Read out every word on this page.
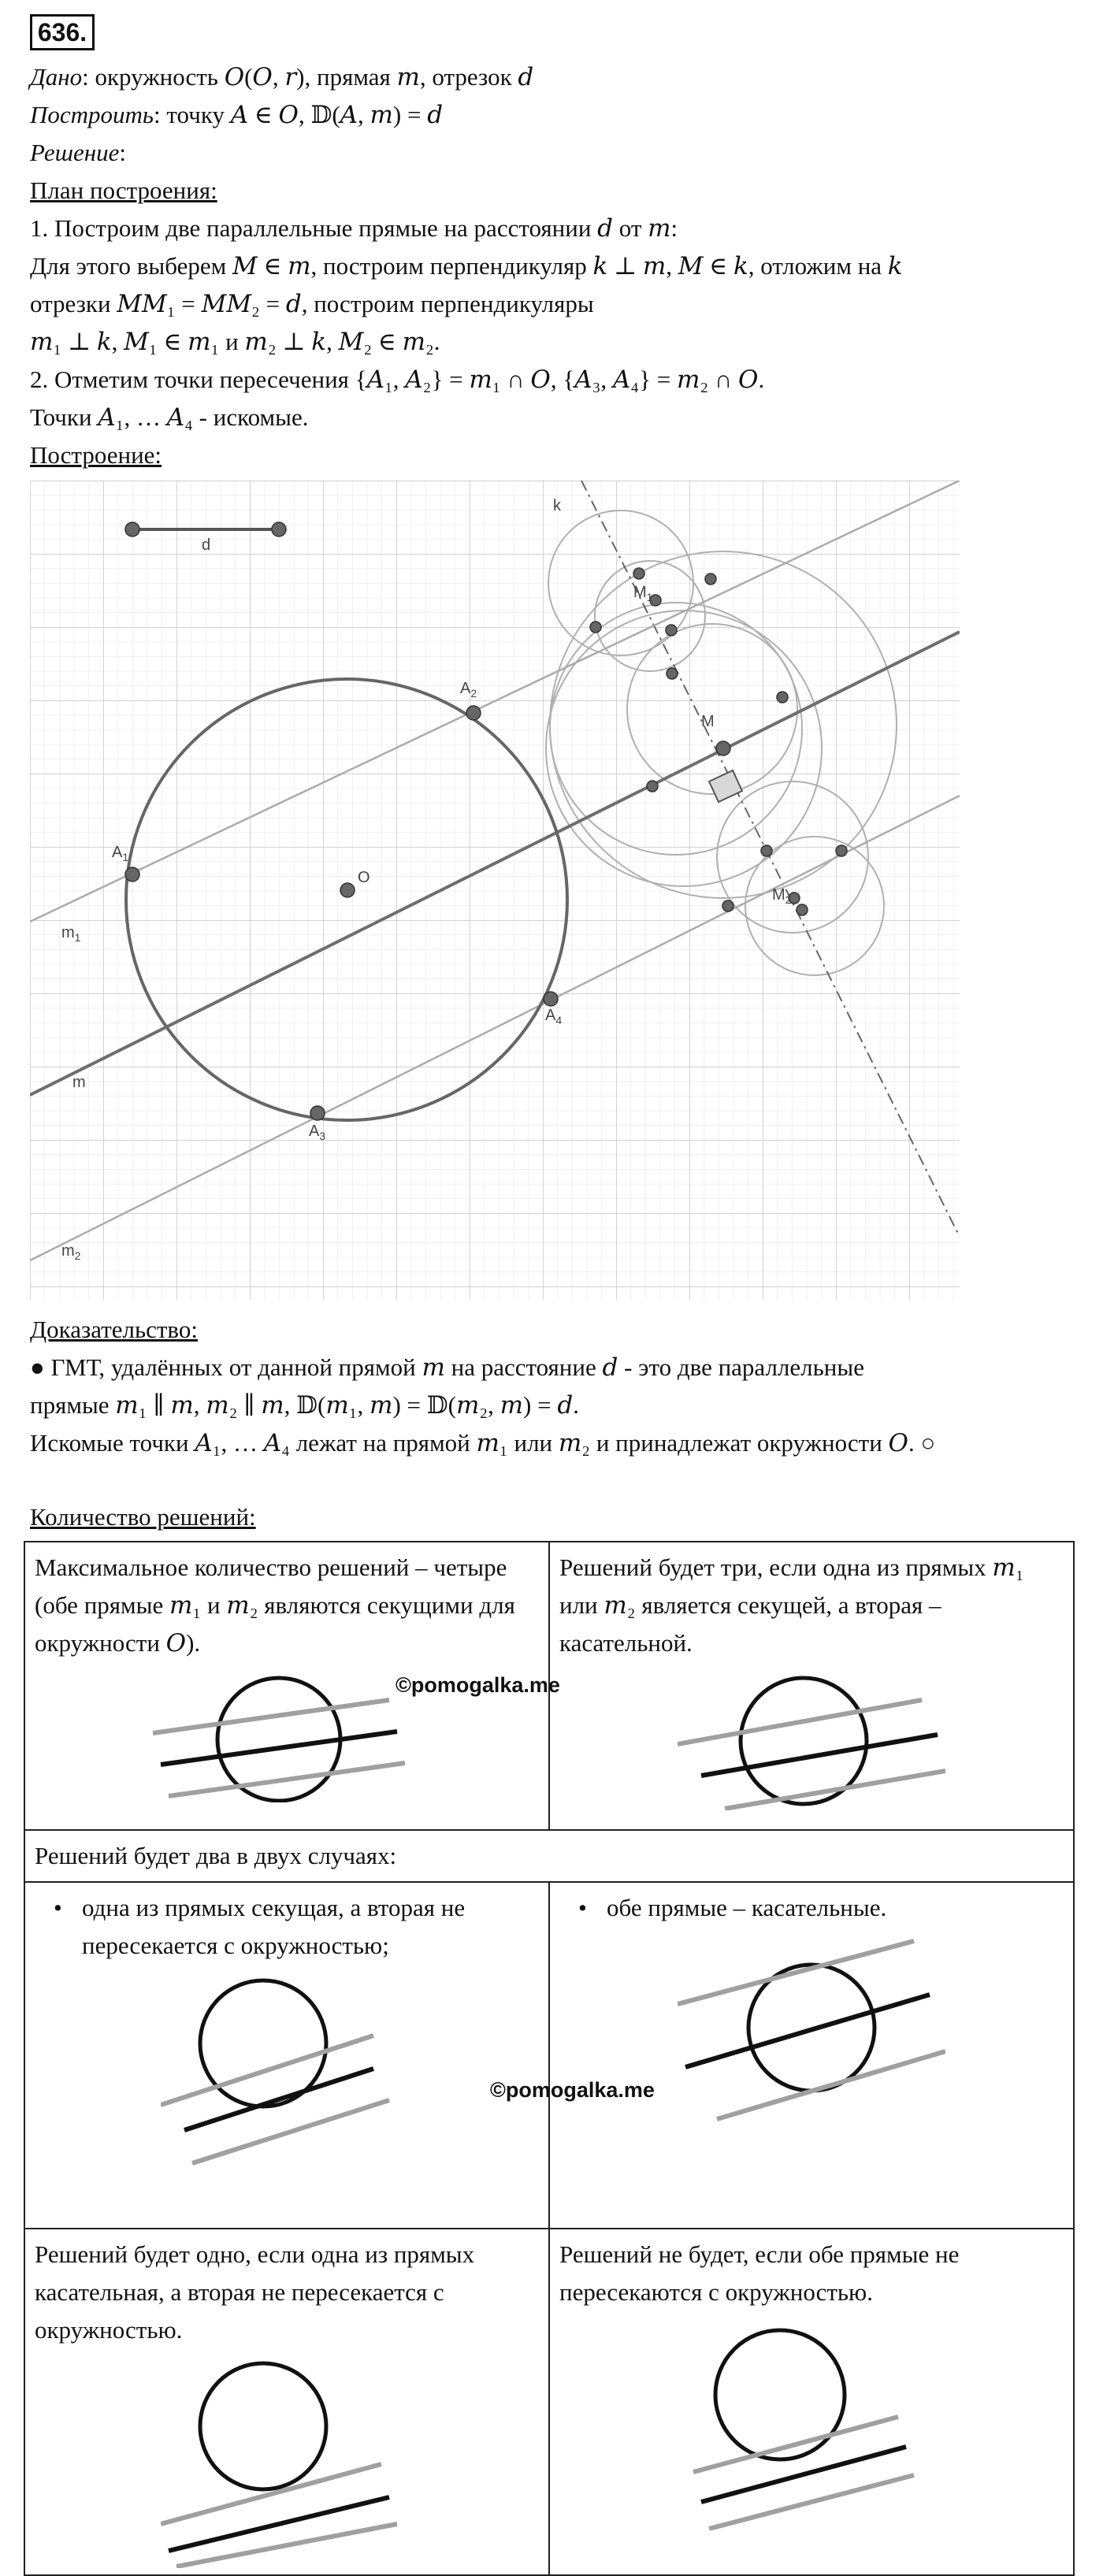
636.
Дано: окружность 𝑂(𝑂, 𝑟), прямая 𝑚, отрезок 𝑑
Построить: точку 𝐴 ∈ 𝑂, 𝔻(𝐴, 𝑚) = 𝑑
Решение:
План построения:
1. Построим две параллельные прямые на расстоянии 𝑑 от 𝑚:
Для этого выберем 𝑀 ∈ 𝑚, построим перпендикуляр 𝑘 ⊥ 𝑚, 𝑀 ∈ 𝑘, отложим на 𝑘
отрезки 𝑀𝑀₁ = 𝑀𝑀₂ = 𝑑, построим перпендикуляры
𝑚₁ ⊥ 𝑘, 𝑀₁ ∈ 𝑚₁ и 𝑚₂ ⊥ 𝑘, 𝑀₂ ∈ 𝑚₂.
2. Отметим точки пересечения {𝐴₁, 𝐴₂} = 𝑚₁ ∩ 𝑂, {𝐴₃, 𝐴₄} = 𝑚₂ ∩ 𝑂.
Точки 𝐴₁, … 𝐴₄ - искомые.
Построение:
d
k
$M_1$
M
$M_2$
$A_1$
$A_2$
$A_3$
$A_4$
O
m
$m_1$
$m_2$
Доказательство:
● ГМТ, удалённых от данной прямой 𝑚 на расстояние 𝑑 - это две параллельные
прямые 𝑚₁ ∥ 𝑚, 𝑚₂ ∥ 𝑚, 𝔻(𝑚₁, 𝑚) = 𝔻(𝑚₂, 𝑚) = 𝑑.
Искомые точки 𝐴₁, … 𝐴₄ лежат на прямой 𝑚₁ или 𝑚₂ и принадлежат окружности 𝑂. ○
Количество решений:
Максимальное количество решений – четыре (обе прямые 𝑚₁ и 𝑚₂ являются секущими для окружности 𝑂).	Решений будет три, если одна из прямых 𝑚₁ или 𝑚₂ является секущей, а вторая – касательной.

Решений будет два в двух случаях:	

• одна из прямых секущая, а вторая не пересекается с окружностью;	• обе прямые – касательные.

Решений будет одно, если одна из прямых касательная, а вторая не пересекается с окружностью.	Решений не будет, если обе прямые не пересекаются с окружностью.
©pomogalka.me
©pomogalka.me
